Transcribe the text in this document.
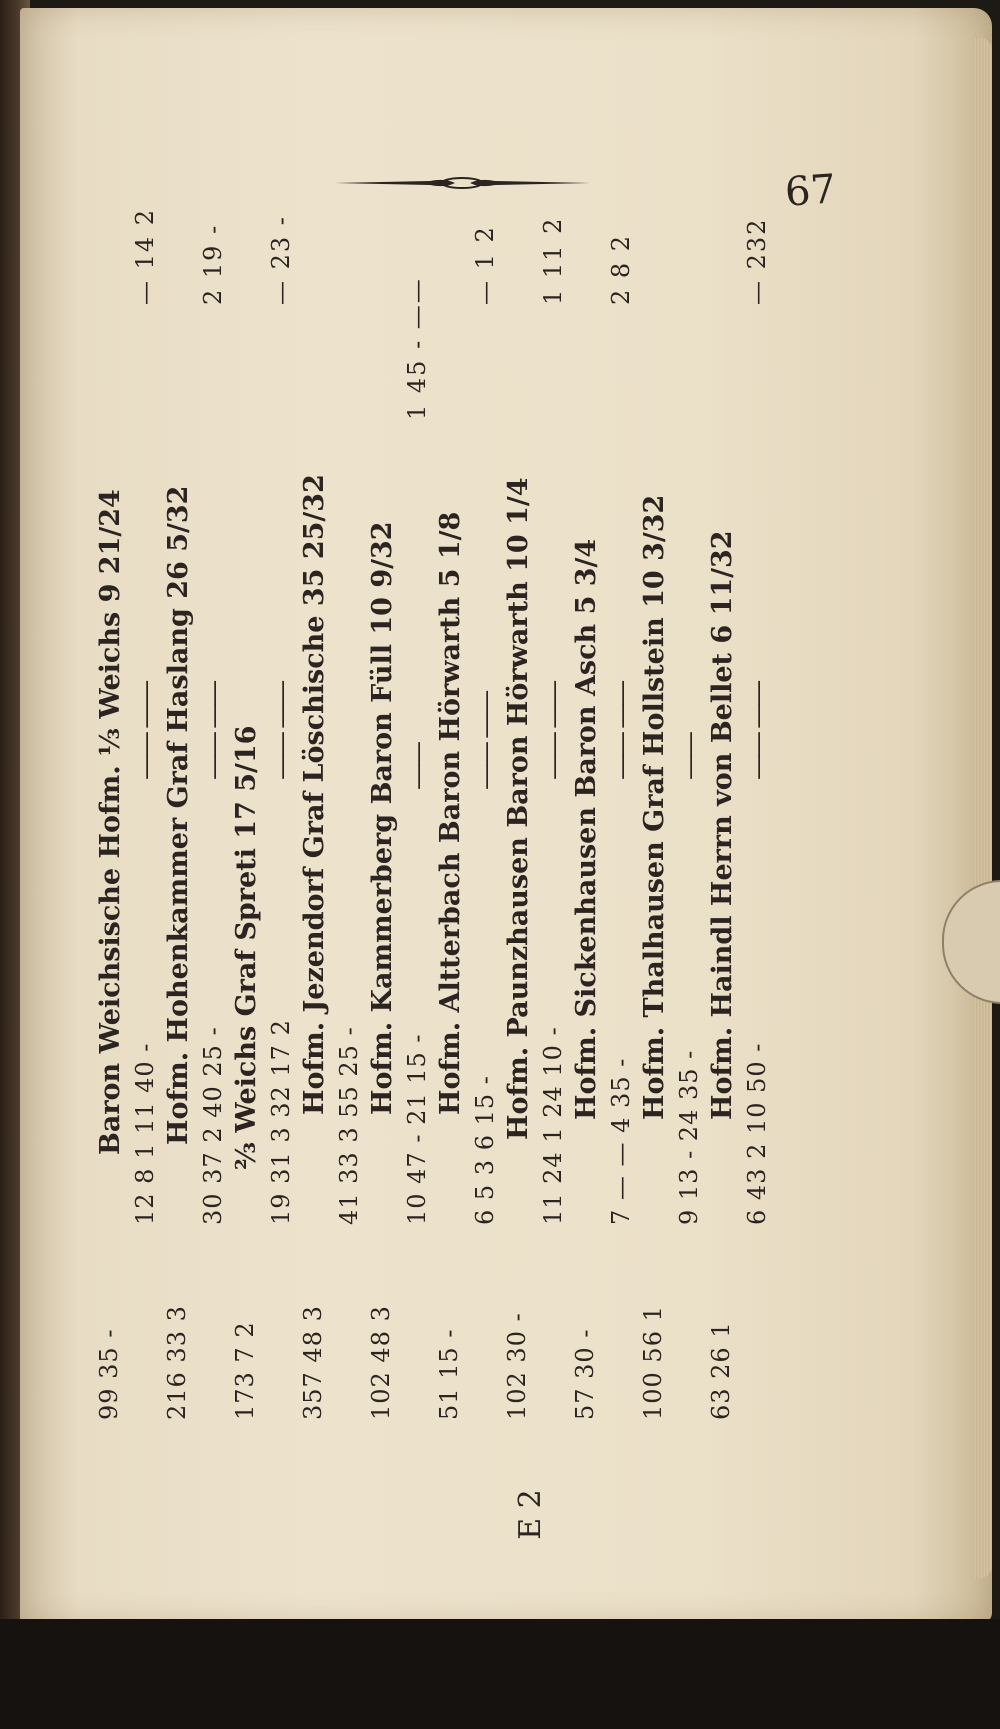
67
99 35 -
Baron Weichsische Hofm. ⅓ Weichs 9 21/24 12 8 1 11 40 -
—— ——
— 14 2
216 33 3
Hofm. Hohenkammer Graf Haslang 26 5/32 30 37 2 40 25 -
—— ——
2 19 -
173 7 2
⅔ Weichs Graf Spreti 17 5/16 19 31 3 32 17 2
—— ——
— 23 -
357 48 3
Hofm. Jezendorf Graf Löschische 35 25/32
41 33 3 55 25 -
102 48 3
Hofm. Kammerberg Baron Füll 10 9/32
10 47 - 21 15 -
——
1 45 - ——
51 15 -
Hofm. Altterbach Baron Hörwarth 5 1/8
6 5 3 6 15 -
—— ——
— 1 2
102 30 -
Hofm. Paunzhausen Baron Hörwarth 10 1/4 11 24 1 24 10 -
—— ——
1 11 2
57 30 -
Hofm. Sickenhausen Baron Asch 5 3/4
7 — — 4 35 -
—— ——
2 8 2
100 56 1
Hofm. Thalhausen Graf Hollstein 10 3/32
9 13 - 24 35 -
——
63 26 1
Hofm. Haindl Herrn von Bellet 6 11/32
6 43 2 10 50 -
—— ——
— 232
E 2
